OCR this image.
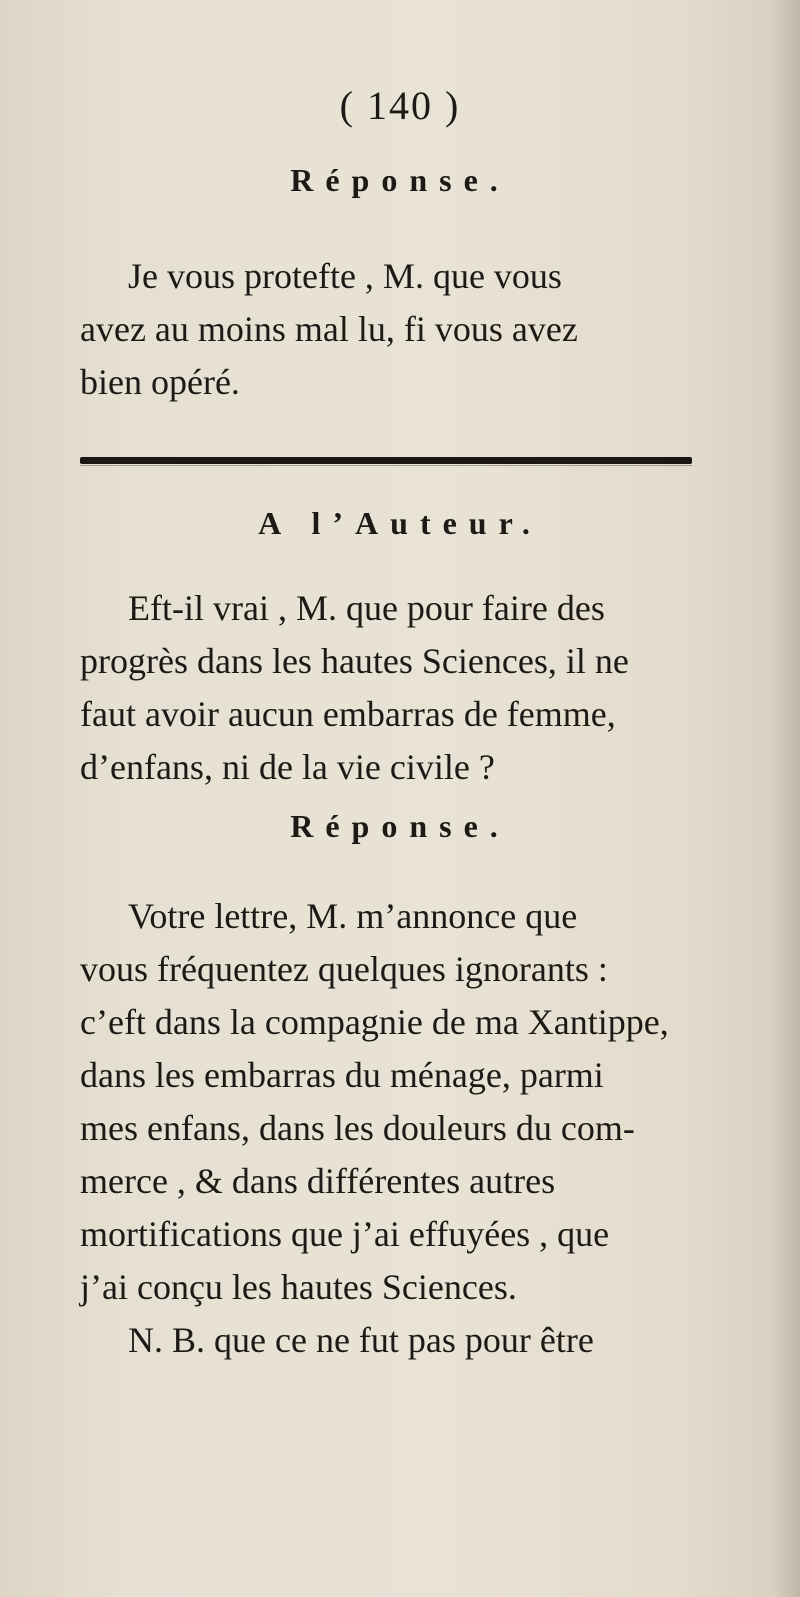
( 140 )
Réponse.
Je vous protefte , M. que vous
avez au moins mal lu, fi vous avez
bien opéré.
A l’Auteur.
Eft-il vrai , M. que pour faire des
progrès dans les hautes Sciences, il ne
faut avoir aucun embarras de femme,
d’enfans, ni de la vie civile ?
Réponse.
Votre lettre, M. m’annonce que
vous fréquentez quelques ignorants :
c’eft dans la compagnie de ma Xantippe,
dans les embarras du ménage, parmi
mes enfans, dans les douleurs du com-
merce , & dans différentes autres
mortifications que j’ai effuyées , que
j’ai conçu les hautes Sciences.
N. B. que ce ne fut pas pour être
